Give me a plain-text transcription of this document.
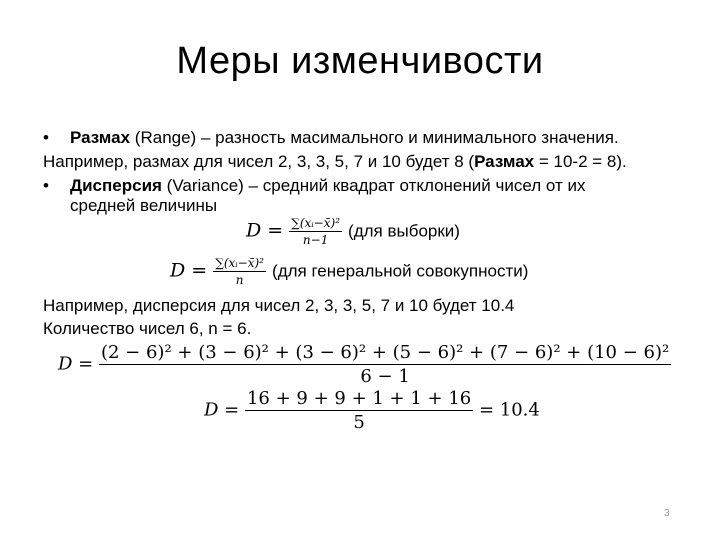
Меры изменчивости
• Размах (Range) – разность масимального и минимального значения.
Например, размах для чисел 2, 3, 3, 5, 7 и 10 будет 8 (Размах = 10-2 = 8).
• Дисперсия (Variance) – средний квадрат отклонений чисел от их
средней величины
$D = \frac{\text{∑(xᵢ−x̄)²}}{n-1} (для$ выборки)
$D = \frac{\text{∑(xᵢ−x̄)²}}{n} (для$ генеральной совокупности)
Например, дисперсия для чисел 2, 3, 3, 5, 7 и 10 будет 10.4
Количество чисел 6, n = 6.
D =
(2 − 6)² + (3 − 6)² + (3 − 6)² + (5 − 6)² + (7 − 6)² + (10 − 6)²
6 − 1
$D = \frac{16 + 9 + 9 + 1 + 1 + 16}{5} = 10.4$
3
